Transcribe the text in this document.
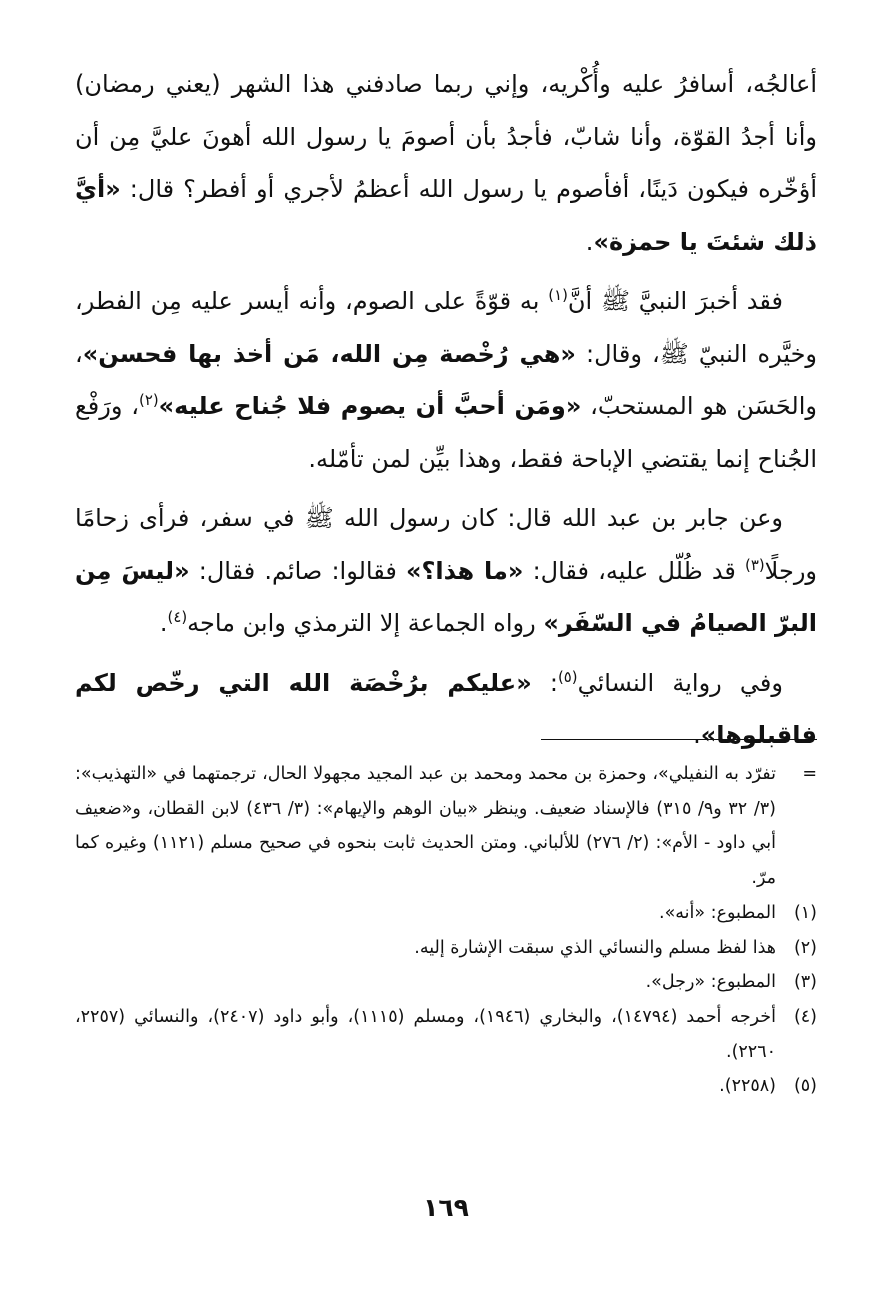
أعالجُه، أسافرُ عليه وأُكْريه، وإني ربما صادفني هذا الشهر (يعني رمضان) وأنا أجدُ القوّة، وأنا شابّ، فأجدُ بأن أصومَ يا رسول الله أهونَ عليَّ مِن أن أؤخّره فيكون دَينًا، أفأصوم يا رسول الله أعظمُ لأجري أو أفطر؟ قال: «أيَّ ذلك شئتَ يا حمزة».

فقد أخبرَ النبيَّ ﷺ أنَّ$^{(١)}$ به قوّةً على الصوم، وأنه أيسر عليه مِن الفطر، وخيَّره النبيّ ﷺ، وقال: «هي رُخْصة مِن الله، مَن أخذ بها فحسن»، والحَسَن هو المستحبّ، «ومَن أحبَّ أن يصوم فلا جُناح عليه»$^{(٢)}$، ورَفْع الجُناح إنما يقتضي الإباحة فقط، وهذا بيِّن لمن تأمّله.

وعن جابر بن عبد الله قال: كان رسول الله ﷺ في سفر، فرأى زحامًا ورجلًا$^{(٣)}$ قد ظُلّل عليه، فقال: «ما هذا؟» فقالوا: صائم. فقال: «ليسَ مِن البرّ الصيامُ في السّفَر» رواه الجماعة إلا الترمذي وابن ماجه$^{(٤)}$.

وفي رواية النسائي$^{(٥)}$: «عليكم برُخْصَة الله التي رخّص لكم فاقبلوها».

=
تفرّد به النفيلي»، وحمزة بن محمد ومحمد بن عبد المجيد مجهولا الحال، ترجمتهما في «التهذيب»: (٣/ ٣٢ و٩/ ٣١٥) فالإسناد ضعيف. وينظر «بيان الوهم والإيهام»: (٣/ ٤٣٦) لابن القطان، و«ضعيف أبي داود - الأم»: (٢/ ٢٧٦) للألباني. ومتن الحديث ثابت بنحوه في صحيح مسلم (١١٢١) وغيره كما مرّ.
(١)
المطبوع: «أنه».
(٢)
هذا لفظ مسلم والنسائي الذي سبقت الإشارة إليه.
(٣)
المطبوع: «رجل».
(٤)
أخرجه أحمد (١٤٧٩٤)، والبخاري (١٩٤٦)، ومسلم (١١١٥)، وأبو داود (٢٤٠٧)، والنسائي (٢٢٥٧، ٢٢٦٠).
(٥)
(٢٢٥٨).
١٦٩
